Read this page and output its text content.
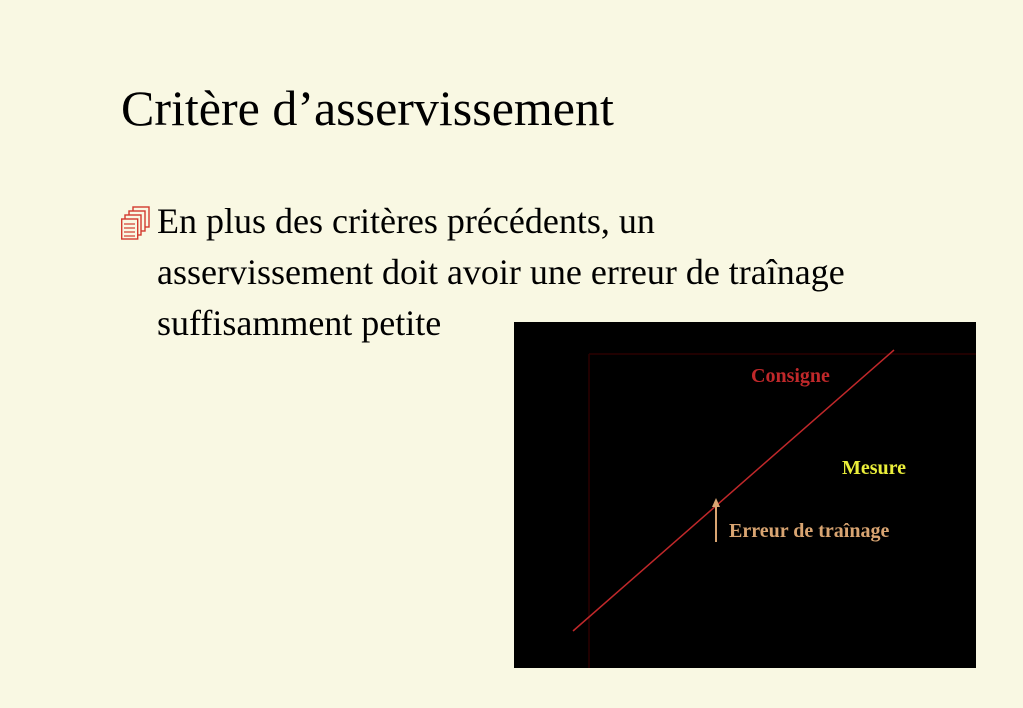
Critère d’asservissement

En plus des critères précédents, un
asservissement doit avoir une erreur de traînage
suffisamment petite

Consigne
Mesure
Erreur de traînage
